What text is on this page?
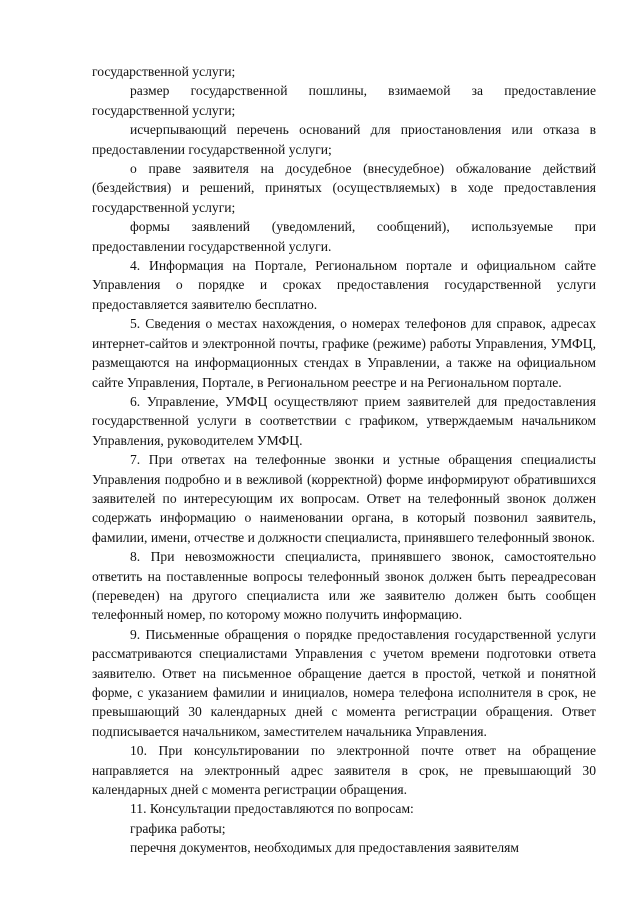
государственной услуги;

размер государственной пошлины, взимаемой за предоставление государственной услуги;

исчерпывающий перечень оснований для приостановления или отказа в предоставлении государственной услуги;

о праве заявителя на досудебное (внесудебное) обжалование действий (бездействия) и решений, принятых (осуществляемых) в ходе предоставления государственной услуги;

формы заявлений (уведомлений, сообщений), используемые при предоставлении государственной услуги.

4. Информация на Портале, Региональном портале и официальном сайте Управления о порядке и сроках предоставления государственной услуги предоставляется заявителю бесплатно.

5. Сведения о местах нахождения, о номерах телефонов для справок, адресах интернет-сайтов и электронной почты, графике (режиме) работы Управления, УМФЦ, размещаются на информационных стендах в Управлении, а также на официальном сайте Управления, Портале, в Региональном реестре и на Региональном портале.

6. Управление, УМФЦ осуществляют прием заявителей для предоставления государственной услуги в соответствии с графиком, утверждаемым начальником Управления, руководителем УМФЦ.

7. При ответах на телефонные звонки и устные обращения специалисты Управления подробно и в вежливой (корректной) форме информируют обратившихся заявителей по интересующим их вопросам. Ответ на телефонный звонок должен содержать информацию о наименовании органа, в который позвонил заявитель, фамилии, имени, отчестве и должности специалиста, принявшего телефонный звонок.

8. При невозможности специалиста, принявшего звонок, самостоятельно ответить на поставленные вопросы телефонный звонок должен быть переадресован (переведен) на другого специалиста или же заявителю должен быть сообщен телефонный номер, по которому можно получить информацию.

9. Письменные обращения о порядке предоставления государственной услуги рассматриваются специалистами Управления с учетом времени подготовки ответа заявителю. Ответ на письменное обращение дается в простой, четкой и понятной форме, с указанием фамилии и инициалов, номера телефона исполнителя в срок, не превышающий 30 календарных дней с момента регистрации обращения. Ответ подписывается начальником, заместителем начальника Управления.

10. При консультировании по электронной почте ответ на обращение направляется на электронный адрес заявителя в срок, не превышающий 30 календарных дней с момента регистрации обращения.

11. Консультации предоставляются по вопросам:

графика работы;

перечня документов, необходимых для предоставления заявителям
